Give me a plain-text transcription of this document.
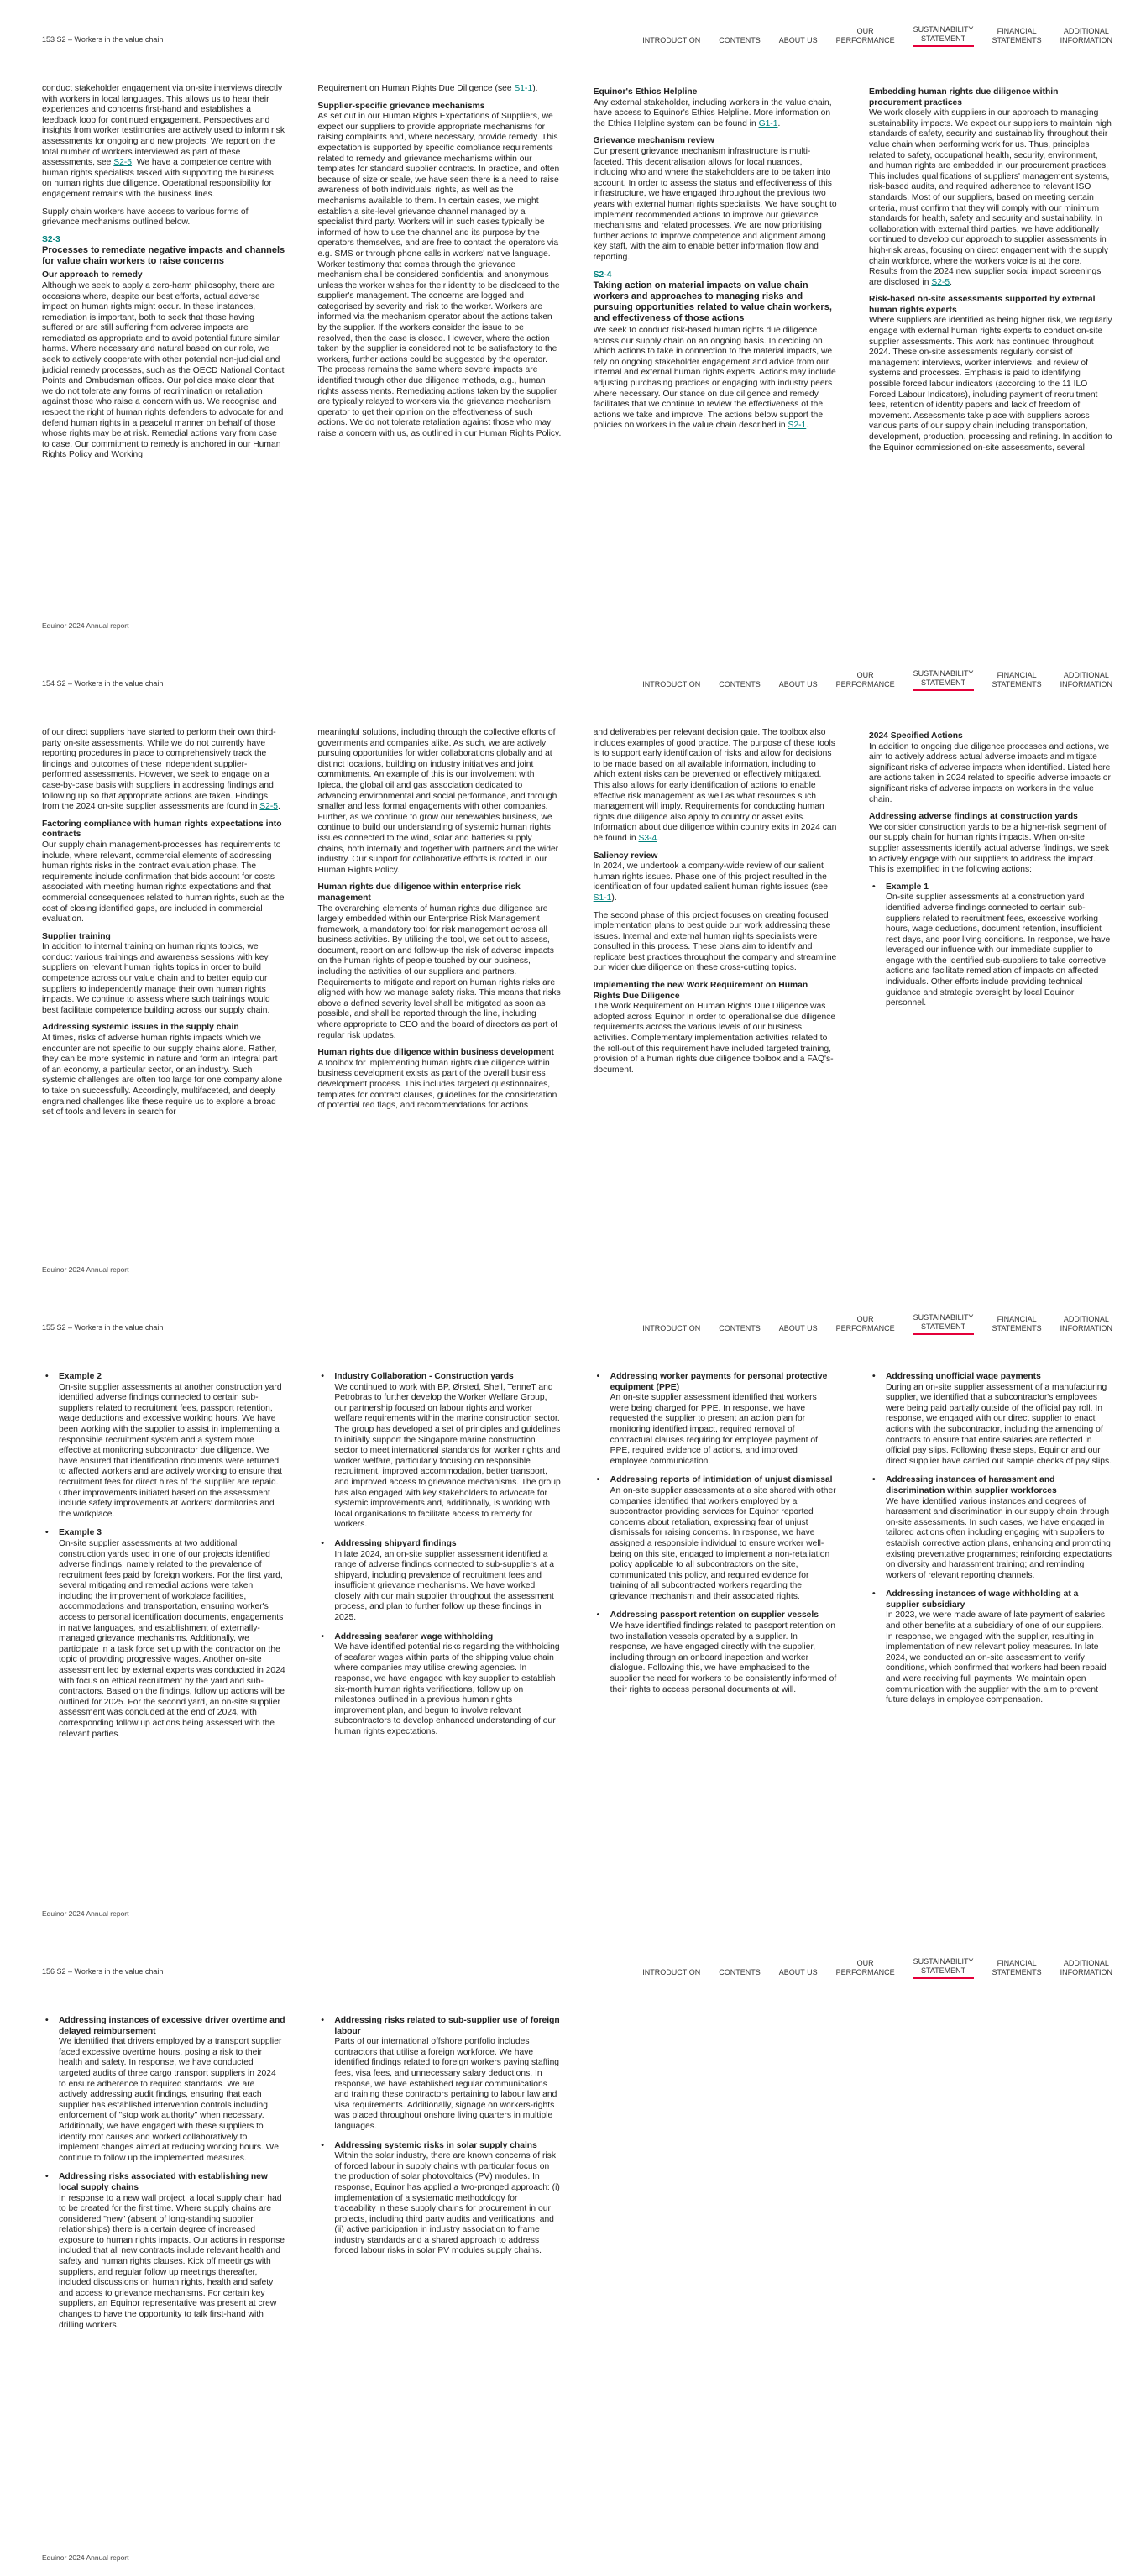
153 S2 – Workers in the value chain	INTRODUCTION CONTENTS ABOUT US
OUR
PERFORMANCE
SUSTAINABILITY
STATEMENT
FINANCIAL
STATEMENTS
ADDITIONAL
INFORMATION

conduct stakeholder engagement via on-site interviews directly with workers in local languages. This allows us to hear their experiences and concerns first-hand and establishes a feedback loop for continued engagement. Perspectives and insights from worker testimonies are actively used to inform risk assessments for ongoing and new projects. We report on the total number of workers interviewed as part of these assessments, see S2-5. We have a competence centre with human rights specialists tasked with supporting the business on human rights due diligence. Operational responsibility for engagement remains with the business lines.

Supply chain workers have access to various forms of grievance mechanisms outlined below.

S2-3
Processes to remediate negative impacts and channels for value chain workers to raise concerns
Our approach to remedy

Although we seek to apply a zero-harm philosophy, there are occasions where, despite our best efforts, actual adverse impact on human rights might occur. In these instances, remediation is important, both to seek that those having suffered or are still suffering from adverse impacts are remediated as appropriate and to avoid potential future similar harms. Where necessary and natural based on our role, we seek to actively cooperate with other potential non-judicial and judicial remedy processes, such as the OECD National Contact Points and Ombudsman offices. Our policies make clear that we do not tolerate any forms of recrimination or retaliation against those who raise a concern with us. We recognise and respect the right of human rights defenders to advocate for and defend human rights in a peaceful manner on behalf of those whose rights may be at risk. Remedial actions vary from case to case. Our commitment to remedy is anchored in our Human Rights Policy and Working

Requirement on Human Rights Due Diligence (see S1-1).

Supplier-specific grievance mechanisms

As set out in our Human Rights Expectations of Suppliers, we expect our suppliers to provide appropriate mechanisms for raising complaints and, where necessary, provide remedy. This expectation is supported by specific compliance requirements related to remedy and grievance mechanisms within our templates for standard supplier contracts. In practice, and often because of size or scale, we have seen there is a need to raise awareness of both individuals' rights, as well as the mechanisms available to them. In certain cases, we might establish a site-level grievance channel managed by a specialist third party. Workers will in such cases typically be informed of how to use the channel and its purpose by the operators themselves, and are free to contact the operators via e.g. SMS or through phone calls in workers' native language. Worker testimony that comes through the grievance mechanism shall be considered confidential and anonymous unless the worker wishes for their identity to be disclosed to the supplier's management. The concerns are logged and categorised by severity and risk to the worker. Workers are informed via the mechanism operator about the actions taken by the supplier. If the workers consider the issue to be resolved, then the case is closed. However, where the action taken by the supplier is considered not to be satisfactory to the workers, further actions could be suggested by the operator. The process remains the same where severe impacts are identified through other due diligence methods, e.g., human rights assessments. Remediating actions taken by the supplier are typically relayed to workers via the grievance mechanism operator to get their opinion on the effectiveness of such actions. We do not tolerate retaliation against those who may raise a concern with us, as outlined in our Human Rights Policy.

Equinor's Ethics Helpline

Any external stakeholder, including workers in the value chain, have access to Equinor's Ethics Helpline. More information on the Ethics Helpline system can be found in G1-1.

Grievance mechanism review

Our present grievance mechanism infrastructure is multi-faceted. This decentralisation allows for local nuances, including who and where the stakeholders are to be taken into account. In order to assess the status and effectiveness of this infrastructure, we have engaged throughout the previous two years with external human rights specialists. We have sought to implement recommended actions to improve our grievance mechanisms and related processes. We are now prioritising further actions to improve competence and alignment among key staff, with the aim to enable better information flow and reporting.

S2-4
Taking action on material impacts on value chain workers and approaches to managing risks and pursuing opportunities related to value chain workers, and effectiveness of those actions

We seek to conduct risk-based human rights due diligence across our supply chain on an ongoing basis. In deciding on which actions to take in connection to the material impacts, we rely on ongoing stakeholder engagement and advice from our internal and external human rights experts. Actions may include adjusting purchasing practices or engaging with industry peers where necessary. Our stance on due diligence and remedy facilitates that we continue to review the effectiveness of the actions we take and improve. The actions below support the policies on workers in the value chain described in S2-1.

Embedding human rights due diligence within procurement practices

We work closely with suppliers in our approach to managing sustainability impacts. We expect our suppliers to maintain high standards of safety, security and sustainability throughout their value chain when performing work for us. Thus, principles related to safety, occupational health, security, environment, and human rights are embedded in our procurement practices. This includes qualifications of suppliers' management systems, risk-based audits, and required adherence to relevant ISO standards. Most of our suppliers, based on meeting certain criteria, must confirm that they will comply with our minimum standards for health, safety and security and sustainability. In collaboration with external third parties, we have additionally continued to develop our approach to supplier assessments in high-risk areas, focusing on direct engagement with the supply chain workforce, where the workers voice is at the core. Results from the 2024 new supplier social impact screenings are disclosed in S2-5.

Risk-based on-site assessments supported by external human rights experts

Where suppliers are identified as being higher risk, we regularly engage with external human rights experts to conduct on-site supplier assessments. This work has continued throughout 2024. These on-site assessments regularly consist of management interviews, worker interviews, and review of systems and processes. Emphasis is paid to identifying possible forced labour indicators (according to the 11 ILO Forced Labour Indicators), including payment of recruitment fees, retention of identity papers and lack of freedom of movement. Assessments take place with suppliers across various parts of our supply chain including transportation, development, production, processing and refining. In addition to the Equinor commissioned on-site assessments, several

Equinor 2024 Annual report
154 S2 – Workers in the value chain	INTRODUCTION CONTENTS ABOUT US
OUR
PERFORMANCE
SUSTAINABILITY
STATEMENT
FINANCIAL
STATEMENTS
ADDITIONAL
INFORMATION

of our direct suppliers have started to perform their own third-party on-site assessments. While we do not currently have reporting procedures in place to comprehensively track the findings and outcomes of these independent supplier-performed assessments. However, we seek to engage on a case-by-case basis with suppliers in addressing findings and following up so that appropriate actions are taken. Findings from the 2024 on-site supplier assessments are found in S2-5.

Factoring compliance with human rights expectations into contracts

Our supply chain management-processes has requirements to include, where relevant, commercial elements of addressing human rights risks in the contract evaluation phase. The requirements include confirmation that bids account for costs associated with meeting human rights expectations and that commercial consequences related to human rights, such as the cost of closing identified gaps, are included in commercial evaluation.

Supplier training

In addition to internal training on human rights topics, we conduct various trainings and awareness sessions with key suppliers on relevant human rights topics in order to build competence across our value chain and to better equip our suppliers to independently manage their own human rights impacts. We continue to assess where such trainings would best facilitate competence building across our supply chain.

Addressing systemic issues in the supply chain

At times, risks of adverse human rights impacts which we encounter are not specific to our supply chains alone. Rather, they can be more systemic in nature and form an integral part of an economy, a particular sector, or an industry. Such systemic challenges are often too large for one company alone to take on successfully. Accordingly, multifaceted, and deeply engrained challenges like these require us to explore a broad set of tools and levers in search for

meaningful solutions, including through the collective efforts of governments and companies alike. As such, we are actively pursuing opportunities for wider collaborations globally and at distinct locations, building on industry initiatives and joint commitments. An example of this is our involvement with Ipieca, the global oil and gas association dedicated to advancing environmental and social performance, and through smaller and less formal engagements with other companies. Further, as we continue to grow our renewables business, we continue to build our understanding of systemic human rights issues connected to the wind, solar and batteries supply chains, both internally and together with partners and the wider industry. Our support for collaborative efforts is rooted in our Human Rights Policy.

Human rights due diligence within enterprise risk management

The overarching elements of human rights due diligence are largely embedded within our Enterprise Risk Management framework, a mandatory tool for risk management across all business activities. By utilising the tool, we set out to assess, document, report on and follow-up the risk of adverse impacts on the human rights of people touched by our business, including the activities of our suppliers and partners. Requirements to mitigate and report on human rights risks are aligned with how we manage safety risks. This means that risks above a defined severity level shall be mitigated as soon as possible, and shall be reported through the line, including where appropriate to CEO and the board of directors as part of regular risk updates.

Human rights due diligence within business development

A toolbox for implementing human rights due diligence within business development exists as part of the overall business development process. This includes targeted questionnaires, templates for contract clauses, guidelines for the consideration of potential red flags, and recommendations for actions

and deliverables per relevant decision gate. The toolbox also includes examples of good practice. The purpose of these tools is to support early identification of risks and allow for decisions to be made based on all available information, including to which extent risks can be prevented or effectively mitigated. This also allows for early identification of actions to enable effective risk management as well as what resources such management will imply. Requirements for conducting human rights due diligence also apply to country or asset exits. Information about due diligence within country exits in 2024 can be found in S3-4.

Saliency review

In 2024, we undertook a company-wide review of our salient human rights issues. Phase one of this project resulted in the identification of four updated salient human rights issues (see S1-1).

The second phase of this project focuses on creating focused implementation plans to best guide our work addressing these issues. Internal and external human rights specialists were consulted in this process. These plans aim to identify and replicate best practices throughout the company and streamline our wider due diligence on these cross-cutting topics.

Implementing the new Work Requirement on Human Rights Due Diligence

The Work Requirement on Human Rights Due Diligence was adopted across Equinor in order to operationalise due diligence requirements across the various levels of our business activities. Complementary implementation activities related to the roll-out of this requirement have included targeted training, provision of a human rights due diligence toolbox and a FAQ's-document.

2024 Specified Actions

In addition to ongoing due diligence processes and actions, we aim to actively address actual adverse impacts and mitigate significant risks of adverse impacts when identified. Listed here are actions taken in 2024 related to specific adverse impacts or significant risks of adverse impacts on workers in the value chain.

Addressing adverse findings at construction yards

We consider construction yards to be a higher-risk segment of our supply chain for human rights impacts. When on-site supplier assessments identify actual adverse findings, we seek to actively engage with our suppliers to address the impact. This is exemplified in the following actions:

• Example 1
On-site supplier assessments at a construction yard identified adverse findings connected to certain sub-suppliers related to recruitment fees, excessive working hours, wage deductions, document retention, insufficient rest days, and poor living conditions. In response, we have leveraged our influence with our immediate supplier to engage with the identified sub-suppliers to take corrective actions and facilitate remediation of impacts on affected individuals. Other efforts include providing technical guidance and strategic oversight by local Equinor personnel.
Equinor 2024 Annual report
155 S2 – Workers in the value chain	INTRODUCTION CONTENTS ABOUT US
OUR
PERFORMANCE
SUSTAINABILITY
STATEMENT
FINANCIAL
STATEMENTS
ADDITIONAL
INFORMATION
• Example 2
On-site supplier assessments at another construction yard identified adverse findings connected to certain sub-suppliers related to recruitment fees, passport retention, wage deductions and excessive working hours. We have been working with the supplier to assist in implementing a responsible recruitment system and a system more effective at monitoring subcontractor due diligence. We have ensured that identification documents were returned to affected workers and are actively working to ensure that recruitment fees for direct hires of the supplier are repaid. Other improvements initiated based on the assessment include safety improvements at workers' dormitories and the workplace.
• Example 3
On-site supplier assessments at two additional construction yards used in one of our projects identified adverse findings, namely related to the prevalence of recruitment fees paid by foreign workers. For the first yard, several mitigating and remedial actions were taken including the improvement of workplace facilities, accommodations and transportation, ensuring worker's access to personal identification documents, engagements in native languages, and establishment of externally-managed grievance mechanisms. Additionally, we participate in a task force set up with the contractor on the topic of providing progressive wages. Another on-site assessment led by external experts was conducted in 2024 with focus on ethical recruitment by the yard and sub-contractors. Based on the findings, follow up actions will be outlined for 2025. For the second yard, an on-site supplier assessment was concluded at the end of 2024, with corresponding follow up actions being assessed with the relevant parties.
• Industry Collaboration - Construction yards
We continued to work with BP, Ørsted, Shell, TenneT and Petrobras to further develop the Worker Welfare Group, our partnership focused on labour rights and worker welfare requirements within the marine construction sector. The group has developed a set of principles and guidelines to initially support the Singapore marine construction sector to meet international standards for worker rights and worker welfare, particularly focusing on responsible recruitment, improved accommodation, better transport, and improved access to grievance mechanisms. The group has also engaged with key stakeholders to advocate for systemic improvements and, additionally, is working with local organisations to facilitate access to remedy for workers.
• Addressing shipyard findings
In late 2024, an on-site supplier assessment identified a range of adverse findings connected to sub-suppliers at a shipyard, including prevalence of recruitment fees and insufficient grievance mechanisms. We have worked closely with our main supplier throughout the assessment process, and plan to further follow up these findings in 2025.
• Addressing seafarer wage withholding
We have identified potential risks regarding the withholding of seafarer wages within parts of the shipping value chain where companies may utilise crewing agencies. In response, we have engaged with key supplier to establish six-month human rights verifications, follow up on milestones outlined in a previous human rights improvement plan, and begun to involve relevant subcontractors to develop enhanced understanding of our human rights expectations.
• Addressing worker payments for personal protective equipment (PPE)
An on-site supplier assessment identified that workers were being charged for PPE. In response, we have requested the supplier to present an action plan for monitoring identified impact, required removal of contractual clauses requiring for employee payment of PPE, required evidence of actions, and improved employee communication.
• Addressing reports of intimidation of unjust dismissal
An on-site supplier assessments at a site shared with other companies identified that workers employed by a subcontractor providing services for Equinor reported concerns about retaliation, expressing fear of unjust dismissals for raising concerns. In response, we have assigned a responsible individual to ensure worker well-being on this site, engaged to implement a non-retaliation policy applicable to all subcontractors on the site, communicated this policy, and required evidence for training of all subcontracted workers regarding the grievance mechanism and their associated rights.
• Addressing passport retention on supplier vessels
We have identified findings related to passport retention on two installation vessels operated by a supplier. In response, we have engaged directly with the supplier, including through an onboard inspection and worker dialogue. Following this, we have emphasised to the supplier the need for workers to be consistently informed of their rights to access personal documents at will.
• Addressing unofficial wage payments
During an on-site supplier assessment of a manufacturing supplier, we identified that a subcontractor's employees were being paid partially outside of the official pay roll. In response, we engaged with our direct supplier to enact actions with the subcontractor, including the amending of contracts to ensure that entire salaries are reflected in official pay slips. Following these steps, Equinor and our direct supplier have carried out sample checks of pay slips.
• Addressing instances of harassment and discrimination within supplier workforces
We have identified various instances and degrees of harassment and discrimination in our supply chain through on-site assessments. In such cases, we have engaged in tailored actions often including engaging with suppliers to establish corrective action plans, enhancing and promoting existing preventative programmes; reinforcing expectations on diversity and harassment training; and reminding workers of relevant reporting channels.
• Addressing instances of wage withholding at a supplier subsidiary
In 2023, we were made aware of late payment of salaries and other benefits at a subsidiary of one of our suppliers. In response, we engaged with the supplier, resulting in implementation of new relevant policy measures. In late 2024, we conducted an on-site assessment to verify conditions, which confirmed that workers had been repaid and were receiving full payments. We maintain open communication with the supplier with the aim to prevent future delays in employee compensation.
Equinor 2024 Annual report
156 S2 – Workers in the value chain	INTRODUCTION CONTENTS ABOUT US
OUR
PERFORMANCE
SUSTAINABILITY
STATEMENT
FINANCIAL
STATEMENTS
ADDITIONAL
INFORMATION
• Addressing instances of excessive driver overtime and delayed reimbursement
We identified that drivers employed by a transport supplier faced excessive overtime hours, posing a risk to their health and safety. In response, we have conducted targeted audits of three cargo transport suppliers in 2024 to ensure adherence to required standards. We are actively addressing audit findings, ensuring that each supplier has established intervention controls including enforcement of "stop work authority" when necessary. Additionally, we have engaged with these suppliers to identify root causes and worked collaboratively to implement changes aimed at reducing working hours. We continue to follow up the implemented measures.
• Addressing risks associated with establishing new local supply chains
In response to a new wall project, a local supply chain had to be created for the first time. Where supply chains are considered "new" (absent of long-standing supplier relationships) there is a certain degree of increased exposure to human rights impacts. Our actions in response included that all new contracts include relevant health and safety and human rights clauses. Kick off meetings with suppliers, and regular follow up meetings thereafter, included discussions on human rights, health and safety and access to grievance mechanisms. For certain key suppliers, an Equinor representative was present at crew changes to have the opportunity to talk first-hand with drilling workers.
• Addressing risks related to sub-supplier use of foreign labour
Parts of our international offshore portfolio includes contractors that utilise a foreign workforce. We have identified findings related to foreign workers paying staffing fees, visa fees, and unnecessary salary deductions. In response, we have established regular communications and training these contractors pertaining to labour law and visa requirements. Additionally, signage on workers-rights was placed throughout onshore living quarters in multiple languages.
• Addressing systemic risks in solar supply chains
Within the solar industry, there are known concerns of risk of forced labour in supply chains with particular focus on the production of solar photovoltaics (PV) modules. In response, Equinor has applied a two-pronged approach: (i) implementation of a systematic methodology for traceability in these supply chains for procurement in our projects, including third party audits and verifications, and (ii) active participation in industry association to frame industry standards and a shared approach to address forced labour risks in solar PV modules supply chains.
Equinor 2024 Annual report
